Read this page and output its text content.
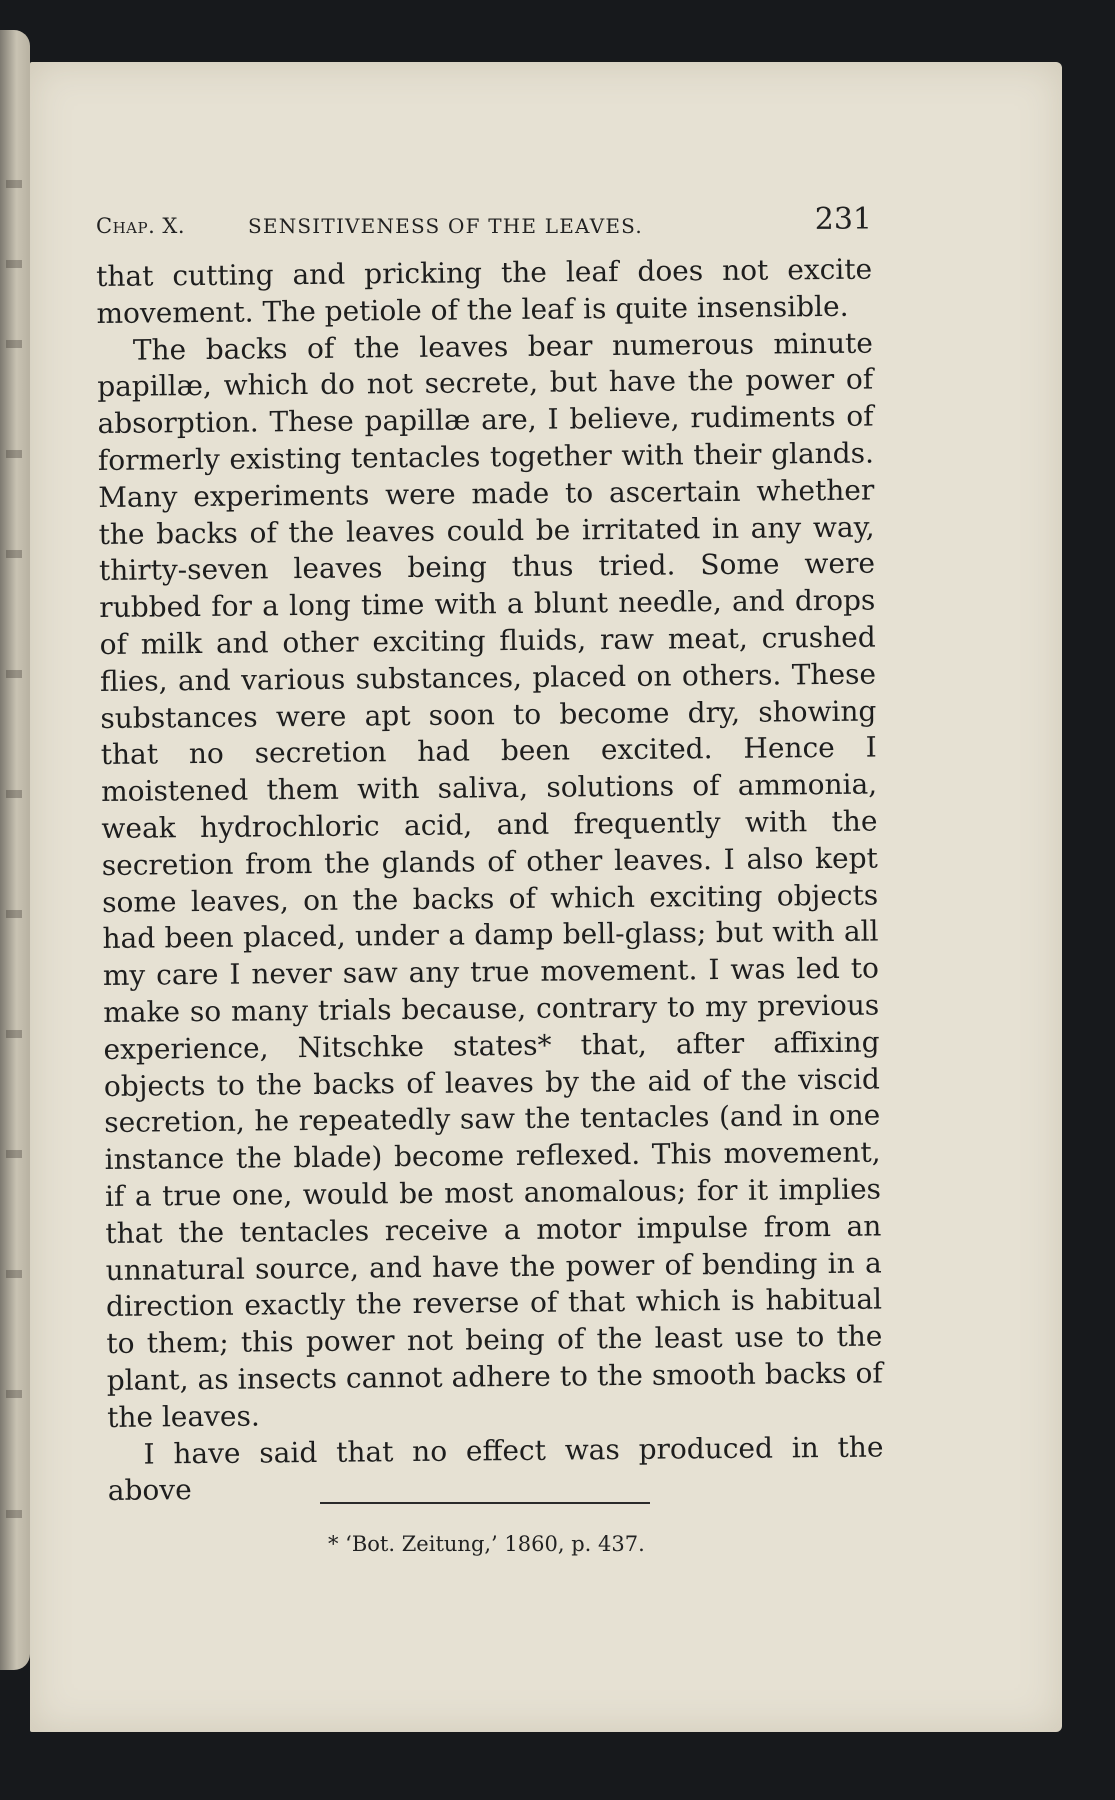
Chap. X.	SENSITIVENESS OF THE LEAVES.	231

that cutting and pricking the leaf does not excite movement. The petiole of the leaf is quite insensible.

The backs of the leaves bear numerous minute papillæ, which do not secrete, but have the power of absorption. These papillæ are, I believe, rudiments of formerly existing tentacles together with their glands. Many experiments were made to ascertain whether the backs of the leaves could be irritated in any way, thirty-seven leaves being thus tried. Some were rubbed for a long time with a blunt needle, and drops of milk and other exciting fluids, raw meat, crushed flies, and various substances, placed on others. These substances were apt soon to become dry, showing that no secretion had been excited. Hence I moistened them with saliva, solutions of ammonia, weak hydrochloric acid, and frequently with the secretion from the glands of other leaves. I also kept some leaves, on the backs of which exciting objects had been placed, under a damp bell-glass; but with all my care I never saw any true movement. I was led to make so many trials because, contrary to my previous experience, Nitschke states* that, after affixing objects to the backs of leaves by the aid of the viscid secretion, he repeatedly saw the tentacles (and in one instance the blade) become reflexed. This movement, if a true one, would be most anomalous; for it implies that the tentacles receive a motor impulse from an unnatural source, and have the power of bending in a direction exactly the reverse of that which is habitual to them; this power not being of the least use to the plant, as insects cannot adhere to the smooth backs of the leaves.

I have said that no effect was produced in the above

* ‘Bot. Zeitung,’ 1860, p. 437.
